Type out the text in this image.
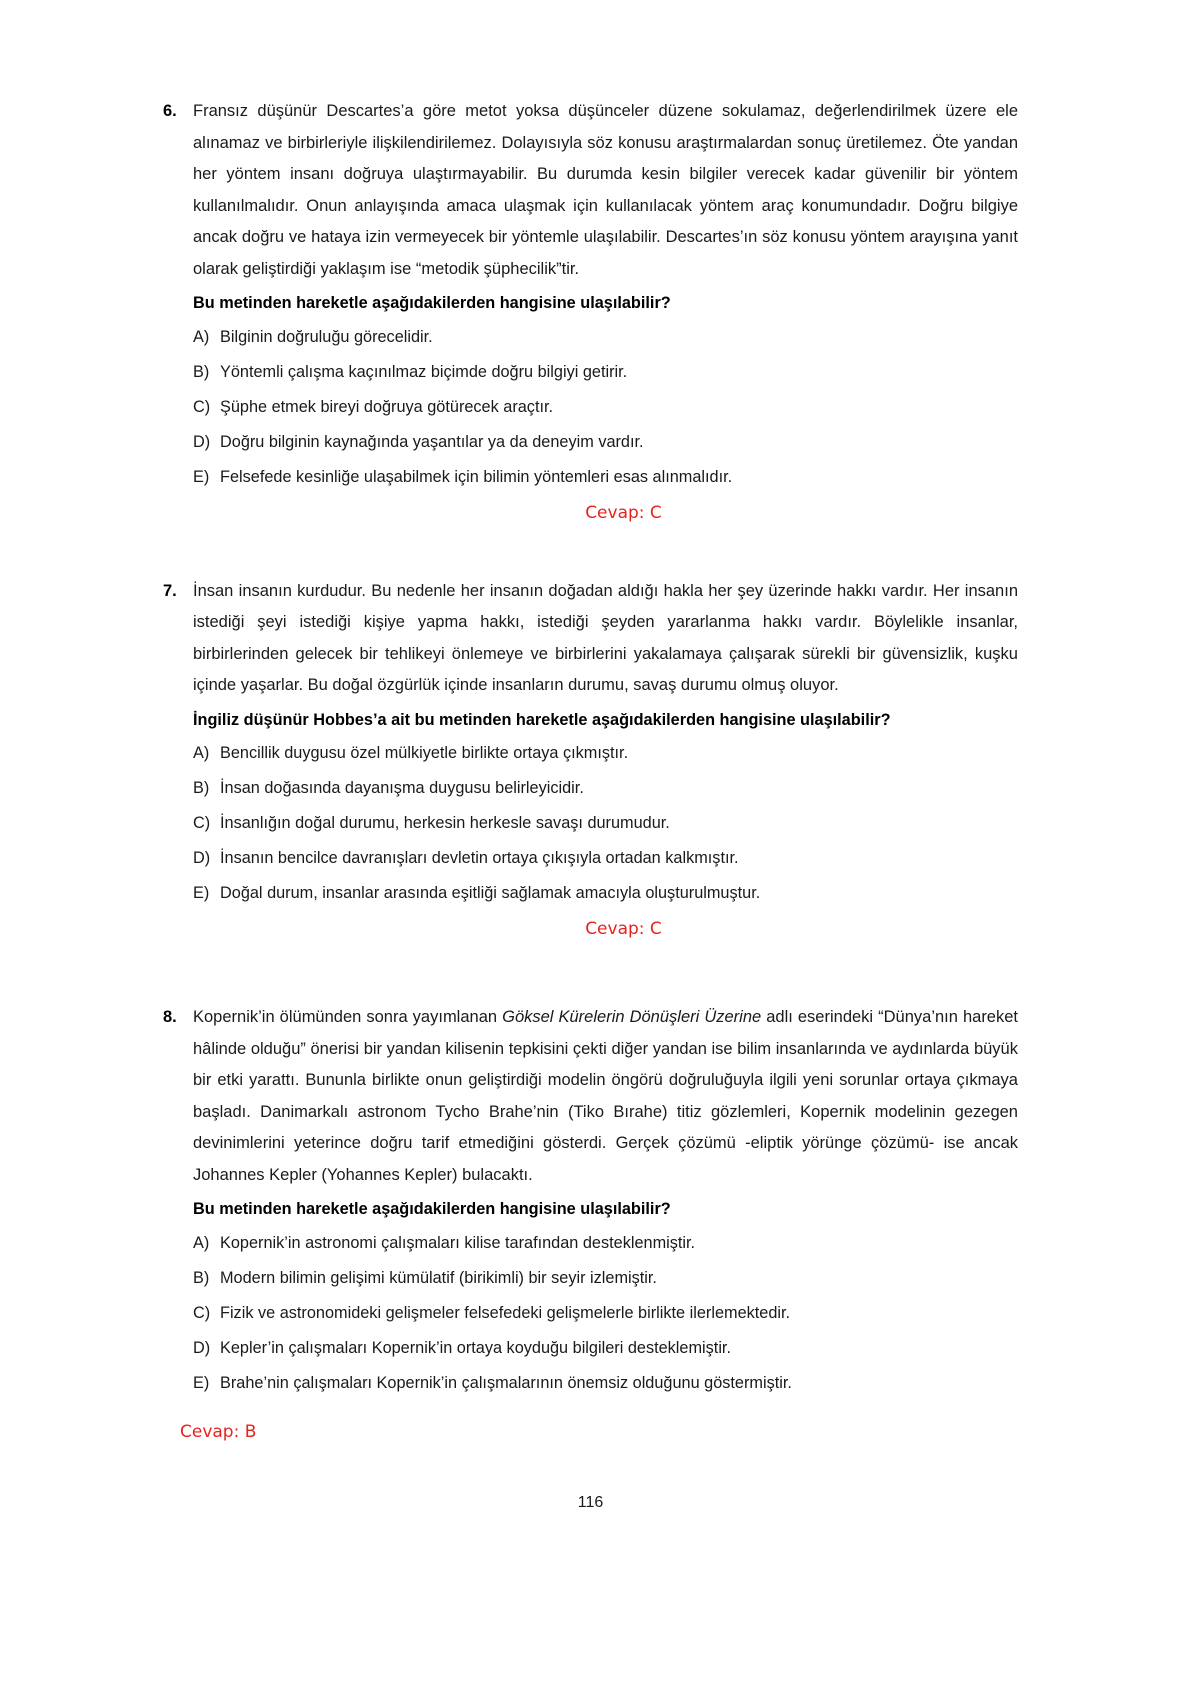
6. Fransız düşünür Descartes’a göre metot yoksa düşünceler düzene sokulamaz, değerlendirilmek üzere ele alınamaz ve birbirleriyle ilişkilendirilemez. Dolayısıyla söz konusu araştırmalardan sonuç üretilemez. Öte yandan her yöntem insanı doğruya ulaştırmayabilir. Bu durumda kesin bilgiler verecek kadar güvenilir bir yöntem kullanılmalıdır. Onun anlayışında amaca ulaşmak için kullanılacak yöntem araç konumundadır. Doğru bilgiye ancak doğru ve hataya izin vermeyecek bir yöntemle ulaşılabilir. Descartes’ın söz konusu yöntem arayışına yanıt olarak geliştirdiği yaklaşım ise “metodik şüphecilik”tir.
Bu metinden hareketle aşağıdakilerden hangisine ulaşılabilir?
A) Bilginin doğruluğu görecelidir.
B) Yöntemli çalışma kaçınılmaz biçimde doğru bilgiyi getirir.
C) Şüphe etmek bireyi doğruya götürecek araçtır.
D) Doğru bilginin kaynağında yaşantılar ya da deneyim vardır.
E) Felsefede kesinliğe ulaşabilmek için bilimin yöntemleri esas alınmalıdır.
Cevap: C
7. İnsan insanın kurdudur. Bu nedenle her insanın doğadan aldığı hakla her şey üzerinde hakkı vardır. Her insanın istediği şeyi istediği kişiye yapma hakkı, istediği şeyden yararlanma hakkı vardır. Böylelikle insanlar, birbirlerinden gelecek bir tehlikeyi önlemeye ve birbirlerini yakalamaya çalışarak sürekli bir güvensizlik, kuşku içinde yaşarlar. Bu doğal özgürlük içinde insanların durumu, savaş durumu olmuş oluyor.
İngiliz düşünür Hobbes’a ait bu metinden hareketle aşağıdakilerden hangisine ulaşılabilir?
A) Bencillik duygusu özel mülkiyetle birlikte ortaya çıkmıştır.
B) İnsan doğasında dayanışma duygusu belirleyicidir.
C) İnsanlığın doğal durumu, herkesin herkesle savaşı durumudur.
D) İnsanın bencilce davranışları devletin ortaya çıkışıyla ortadan kalkmıştır.
E) Doğal durum, insanlar arasında eşitliği sağlamak amacıyla oluşturulmuştur.
Cevap: C
8. Kopernik’in ölümünden sonra yayımlanan Göksel Kürelerin Dönüşleri Üzerine adlı eserindeki “Dünya’nın hareket hâlinde olduğu” önerisi bir yandan kilisenin tepkisini çekti diğer yandan ise bilim insanlarında ve aydınlarda büyük bir etki yarattı. Bununla birlikte onun geliştirdiği modelin öngörü doğruluğuyla ilgili yeni sorunlar ortaya çıkmaya başladı. Danimarkalı astronom Tycho Brahe’nin (Tiko Bırahe) titiz gözlemleri, Kopernik modelinin gezegen devinimlerini yeterince doğru tarif etmediğini gösterdi. Gerçek çözümü -eliptik yörünge çözümü- ise ancak Johannes Kepler (Yohannes Kepler) bulacaktı.
Bu metinden hareketle aşağıdakilerden hangisine ulaşılabilir?
A) Kopernik’in astronomi çalışmaları kilise tarafından desteklenmiştir.
B) Modern bilimin gelişimi kümülatif (birikimli) bir seyir izlemiştir.
C) Fizik ve astronomideki gelişmeler felsefedeki gelişmelerle birlikte ilerlemektedir.
D) Kepler’in çalışmaları Kopernik’in ortaya koyduğu bilgileri desteklemiştir.
E) Brahe’nin çalışmaları Kopernik’in çalışmalarının önemsiz olduğunu göstermiştir.
Cevap: B
116
